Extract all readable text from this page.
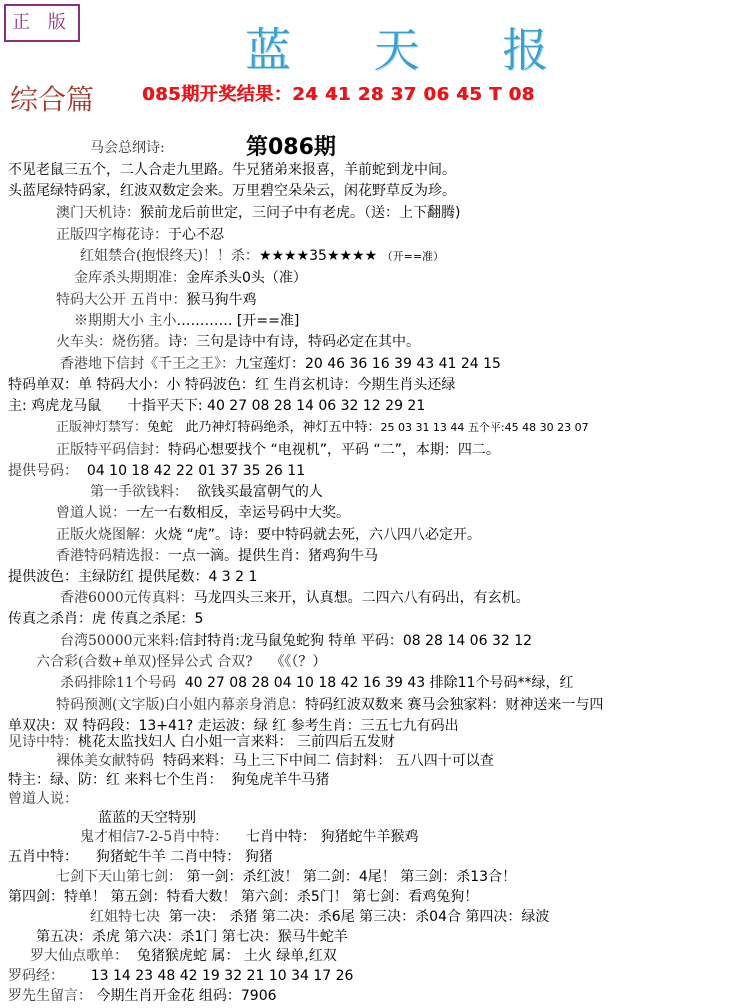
正 版
蓝 天 报
综合篇	085期开奖结果：24 41 28 37 06 45 T 08
第086期
马会总纲诗:
不见老鼠三五个，二人合走九里路。牛兄猪弟来报喜，羊前蛇到龙中间。
头蓝尾绿特码家，红波双数定会来。万里碧空朵朵云，闲花野草反为珍。
澳门天机诗：猴前龙后前世定，三问子中有老虎。（送：上下翻腾)
正版四字梅花诗：于心不忍
红姐禁合(抱恨终天)！！杀：★★★★35★★★★ （开==准）
金库杀头期期准：金库杀头0头（准）
特码大公开 五肖中：猴马狗牛鸡
※期期大小 主小………… [开==准]
火车头：烧伤猪。诗：三句是诗中有诗，特码必定在其中。
香港地下信封《千王之王》：九宝莲灯：20 46 36 16 39 43 41 24 15
特码单双：单 特码大小：小 特码波色：红 生肖玄机诗：今期生肖头还绿
主: 鸡虎龙马鼠 十指平天下: 40 27 08 28 14 06 32 12 29 21
正版神灯禁写：兔蛇 此乃神灯特码绝杀，神灯五中特：25 03 31 13 44 五个平:45 48 30 23 07
正版特平码信封：特码心想要找个 “电视机”，平码 “二”，本期：四二。
提供号码： 04 10 18 42 22 01 37 35 26 11
第一手欲钱料： 欲钱买最富朝气的人
曾道人说：一左一右数相反，幸运号码中大奖。
正版火烧图解：火烧 “虎”。诗：要中特码就去死，六八四八必定开。
香港特码精选报：一点一滴。提供生肖：猪鸡狗牛马
提供波色：主绿防红 提供尾数：4 3 2 1
香港6000元传真料：马龙四头三来开，认真想。二四六八有码出，有玄机。
传真之杀肖：虎 传真之杀尾：5
台湾50000元来料:信封特肖:龙马鼠兔蛇狗 特单 平码：08 28 14 06 32 12
六合彩(合数+单双)怪异公式 合双? 《《（？）
杀码排除11个号码 40 27 08 28 04 10 18 42 16 39 43 排除11个号码**绿，红
特码预测(文字版)白小姐内幕亲身消息：特码红波双数来 赛马会独家料：财神送来一与四
单双决：双 特码段：13+41? 走运波：绿 红 参考生肖：三五七九有码出
见诗中特：桃花太监找妇人 白小姐一言来料： 三前四后五发财
裸体美女献特码 特码来料：马上三下中间二 信封料： 五八四十可以查
特主：绿、防：红 来料七个生肖： 狗兔虎羊牛马猪
曾道人说：
蓝蓝的天空特别
鬼才相信7-2-5肖中特： 七肖中特： 狗猪蛇牛羊猴鸡
五肖中特： 狗猪蛇牛羊 二肖中特： 狗猪
七剑下天山第七剑： 第一剑：杀红波！ 第二剑：4尾！ 第三剑：杀13合！
第四剑：特单！ 第五剑：特看大数！ 第六剑：杀5门！ 第七剑：看鸡兔狗！
红姐特七决 第一决： 杀猪 第二决：杀6尾 第三决：杀04合 第四决：绿波
第五决：杀虎 第六决：杀1门 第七决：猴马牛蛇羊
罗大仙点歌单： 兔猪猴虎蛇 属： 土火 绿单,红双
罗码经： 13 14 23 48 42 19 32 21 10 34 17 26
罗先生留言： 今期生肖开金花 组码：7906
